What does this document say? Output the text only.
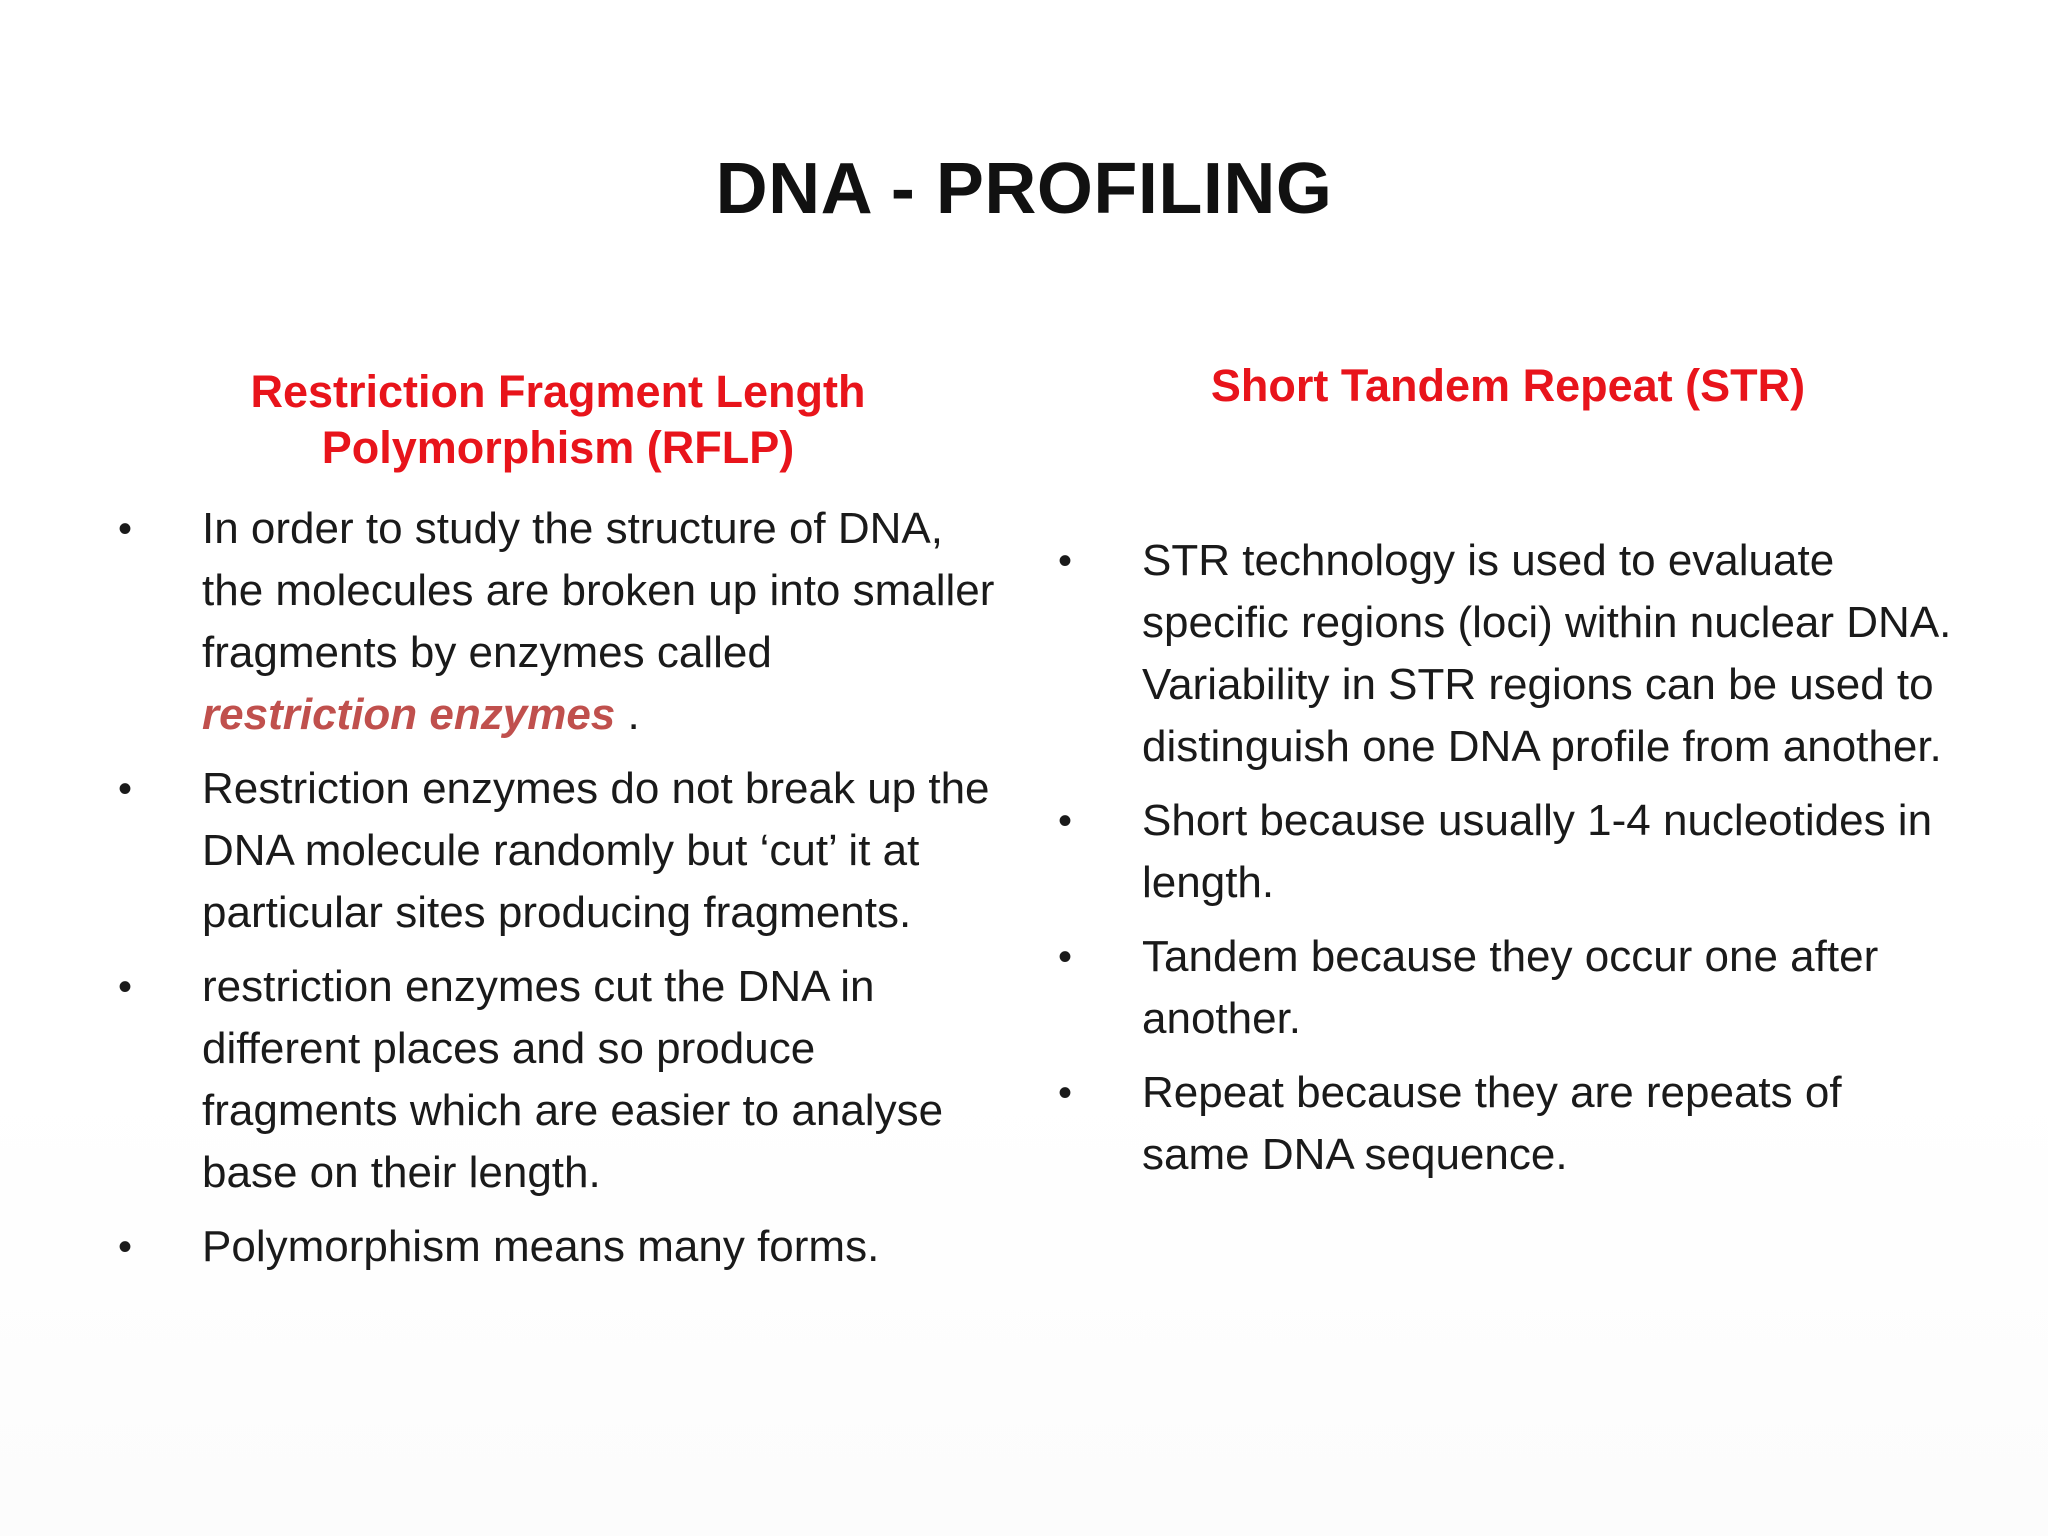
DNA - PROFILING
Restriction Fragment Length Polymorphism (RFLP)
•	In order to study the structure of DNA, the molecules are broken up into smaller fragments by enzymes called restriction enzymes .
•	Restriction enzymes do not break up the DNA molecule randomly but ‘cut’ it at particular sites producing fragments.
•	restriction enzymes cut the DNA in different places and so produce fragments which are easier to analyse base on their length.
•	Polymorphism means many forms.
Short Tandem Repeat (STR)
•	STR technology is used to evaluate specific regions (loci) within nuclear DNA. Variability in STR regions can be used to distinguish one DNA profile from another.
•	Short because usually 1-4 nucleotides in length.
•	Tandem because they occur one after another.
•	Repeat because they are repeats of same DNA sequence.
